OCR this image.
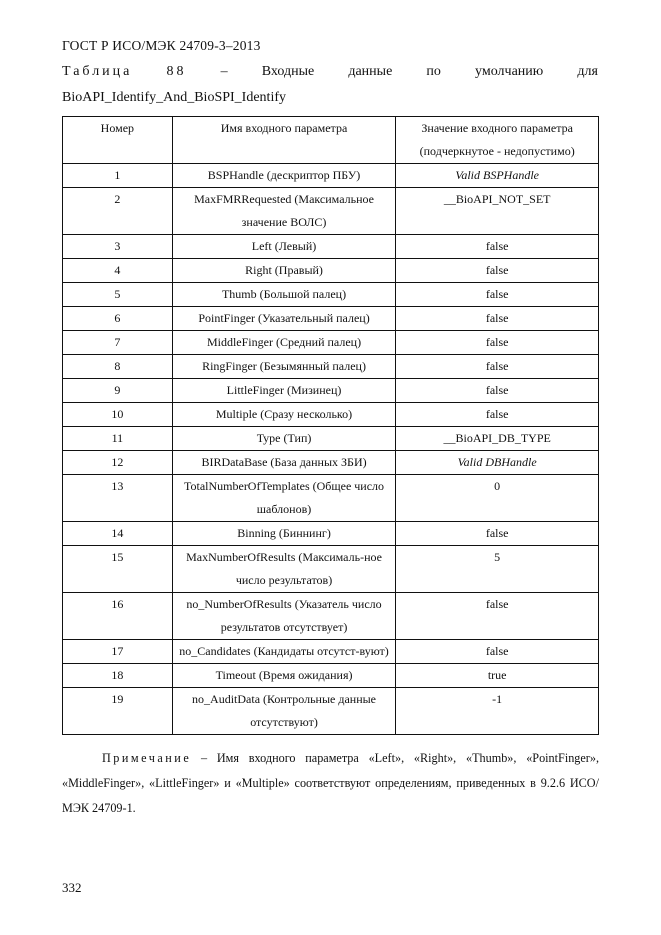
ГОСТ Р ИСО/МЭК 24709-3–2013
Таблица 88 – Входные данные по умолчанию для
BioAPI_Identify_And_BioSPI_Identify
Номер	Имя входного параметра	Значение входного параметра
(подчеркнутое - недопустимо)

1	BSPHandle (дескриптор ПБУ)	Valid BSPHandle
2	MaxFMRRequested (Максимальное значение ВОЛС)	__BioAPI_NOT_SET
3	Left (Левый)	false
4	Right (Правый)	false
5	Thumb (Большой палец)	false
6	PointFinger (Указательный палец)	false
7	MiddleFinger (Средний палец)	false
8	RingFinger (Безымянный палец)	false
9	LittleFinger (Мизинец)	false
10	Multiple (Сразу несколько)	false
11	Type (Тип)	__BioAPI_DB_TYPE
12	BIRDataBase (База данных ЗБИ)	Valid DBHandle
13	TotalNumberOfTemplates (Общее число шаблонов)	0
14	Binning (Биннинг)	false
15	MaxNumberOfResults (Максималь-ное число результатов)	5
16	no_NumberOfResults (Указатель число результатов отсутствует)	false
17	no_Candidates (Кандидаты отсутст-вуют)	false
18	Timeout (Время ожидания)	true
19	no_AuditData (Контрольные данные отсутствуют)	-1
Примечание – Имя входного параметра «Left», «Right», «Thumb», «PointFinger», «MiddleFinger», «LittleFinger» и «Multiple» соответствуют определениям, приведенных в 9.2.6 ИСО/МЭК 24709-1.
332
